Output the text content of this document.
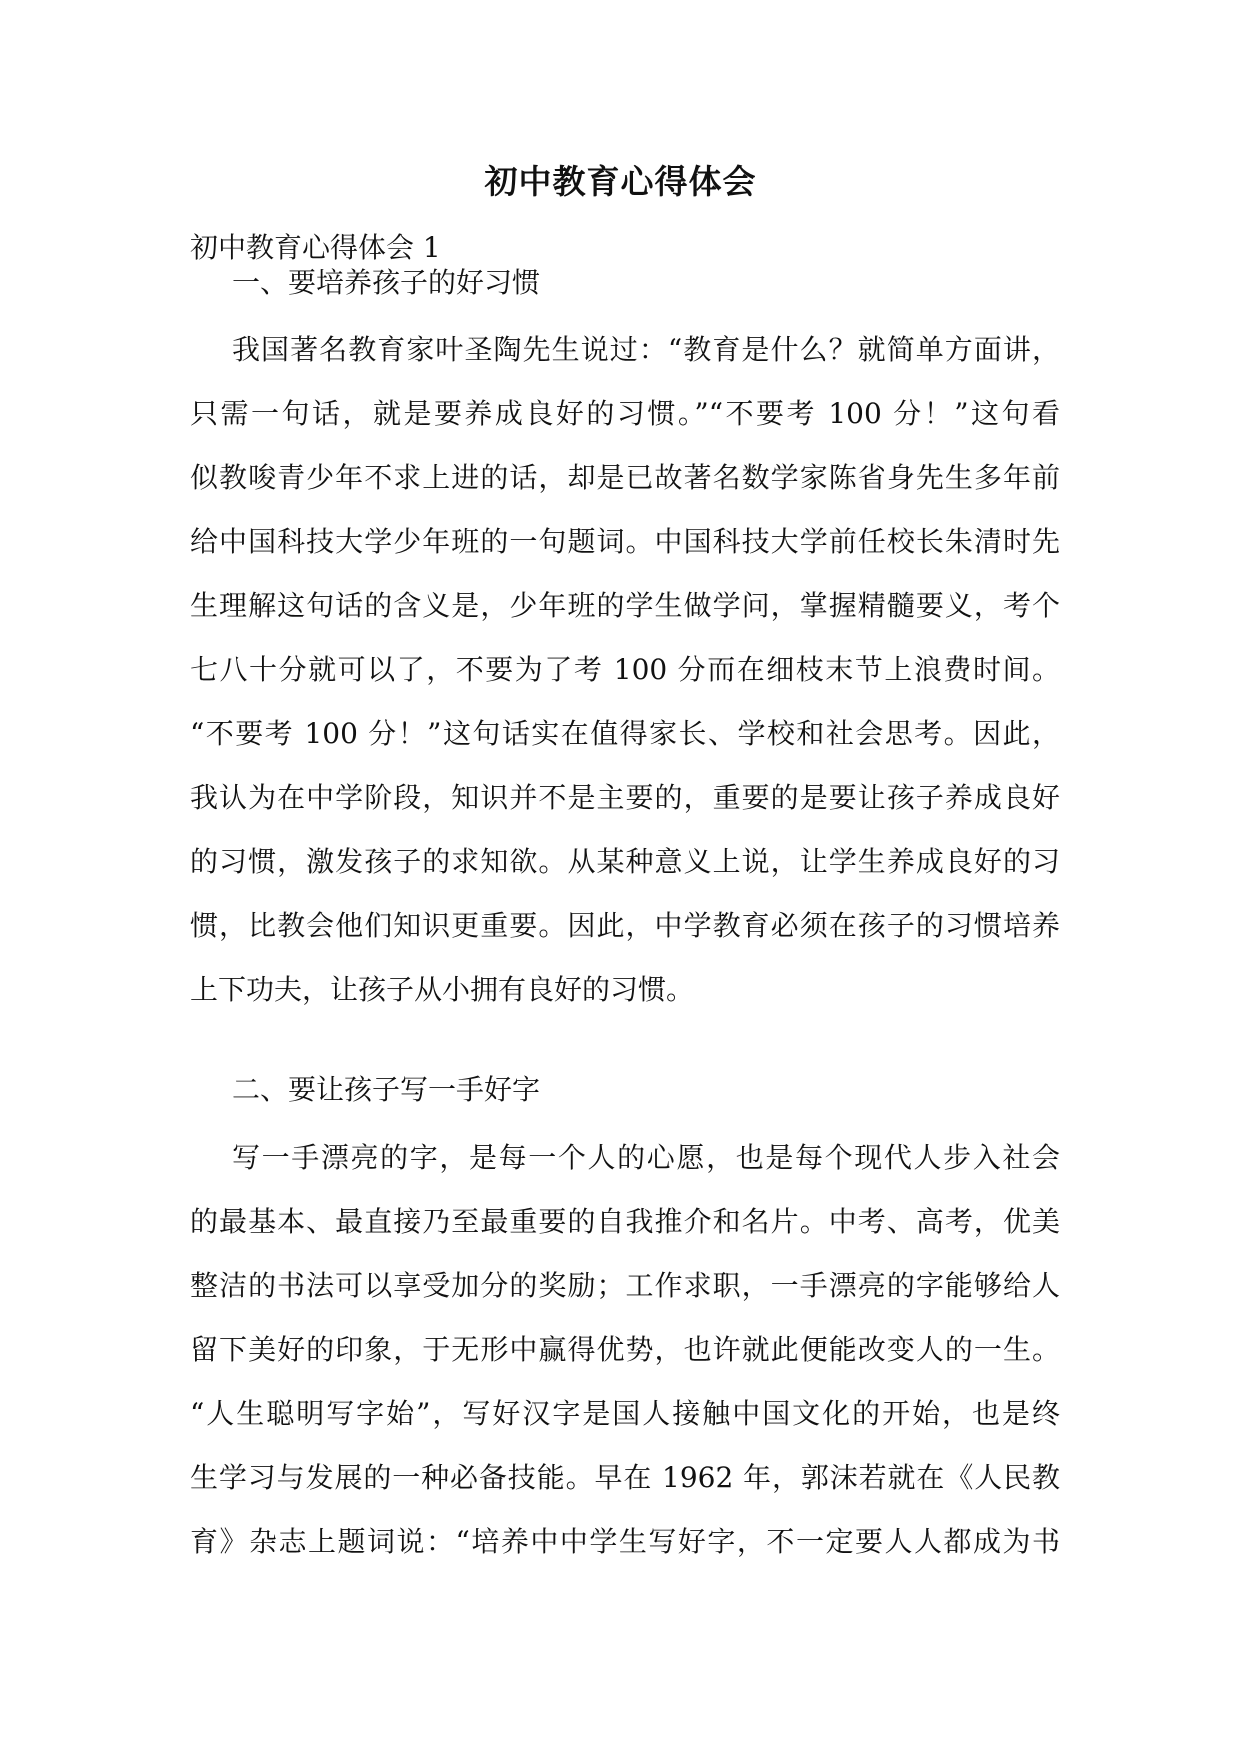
初中教育心得体会
初中教育心得体会 1
一、要培养孩子的好习惯
我国著名教育家叶圣陶先生说过：“教育是什么？就简单方面讲，
只需一句话，就是要养成良好的习惯。”“不要考 100 分！”这句看
似教唆青少年不求上进的话，却是已故著名数学家陈省身先生多年前
给中国科技大学少年班的一句题词。中国科技大学前任校长朱清时先
生理解这句话的含义是，少年班的学生做学问，掌握精髓要义，考个
七八十分就可以了，不要为了考 100 分而在细枝末节上浪费时间。
“不要考 100 分！”这句话实在值得家长、学校和社会思考。因此，
我认为在中学阶段，知识并不是主要的，重要的是要让孩子养成良好
的习惯，激发孩子的求知欲。从某种意义上说，让学生养成良好的习
惯，比教会他们知识更重要。因此，中学教育必须在孩子的习惯培养
上下功夫，让孩子从小拥有良好的习惯。
二、要让孩子写一手好字
写一手漂亮的字，是每一个人的心愿，也是每个现代人步入社会
的最基本、最直接乃至最重要的自我推介和名片。中考、高考，优美
整洁的书法可以享受加分的奖励；工作求职，一手漂亮的字能够给人
留下美好的印象，于无形中赢得优势，也许就此便能改变人的一生。
“人生聪明写字始”，写好汉字是国人接触中国文化的开始，也是终
生学习与发展的一种必备技能。早在 1962 年，郭沫若就在《人民教
育》杂志上题词说：“培养中中学生写好字，不一定要人人都成为书
